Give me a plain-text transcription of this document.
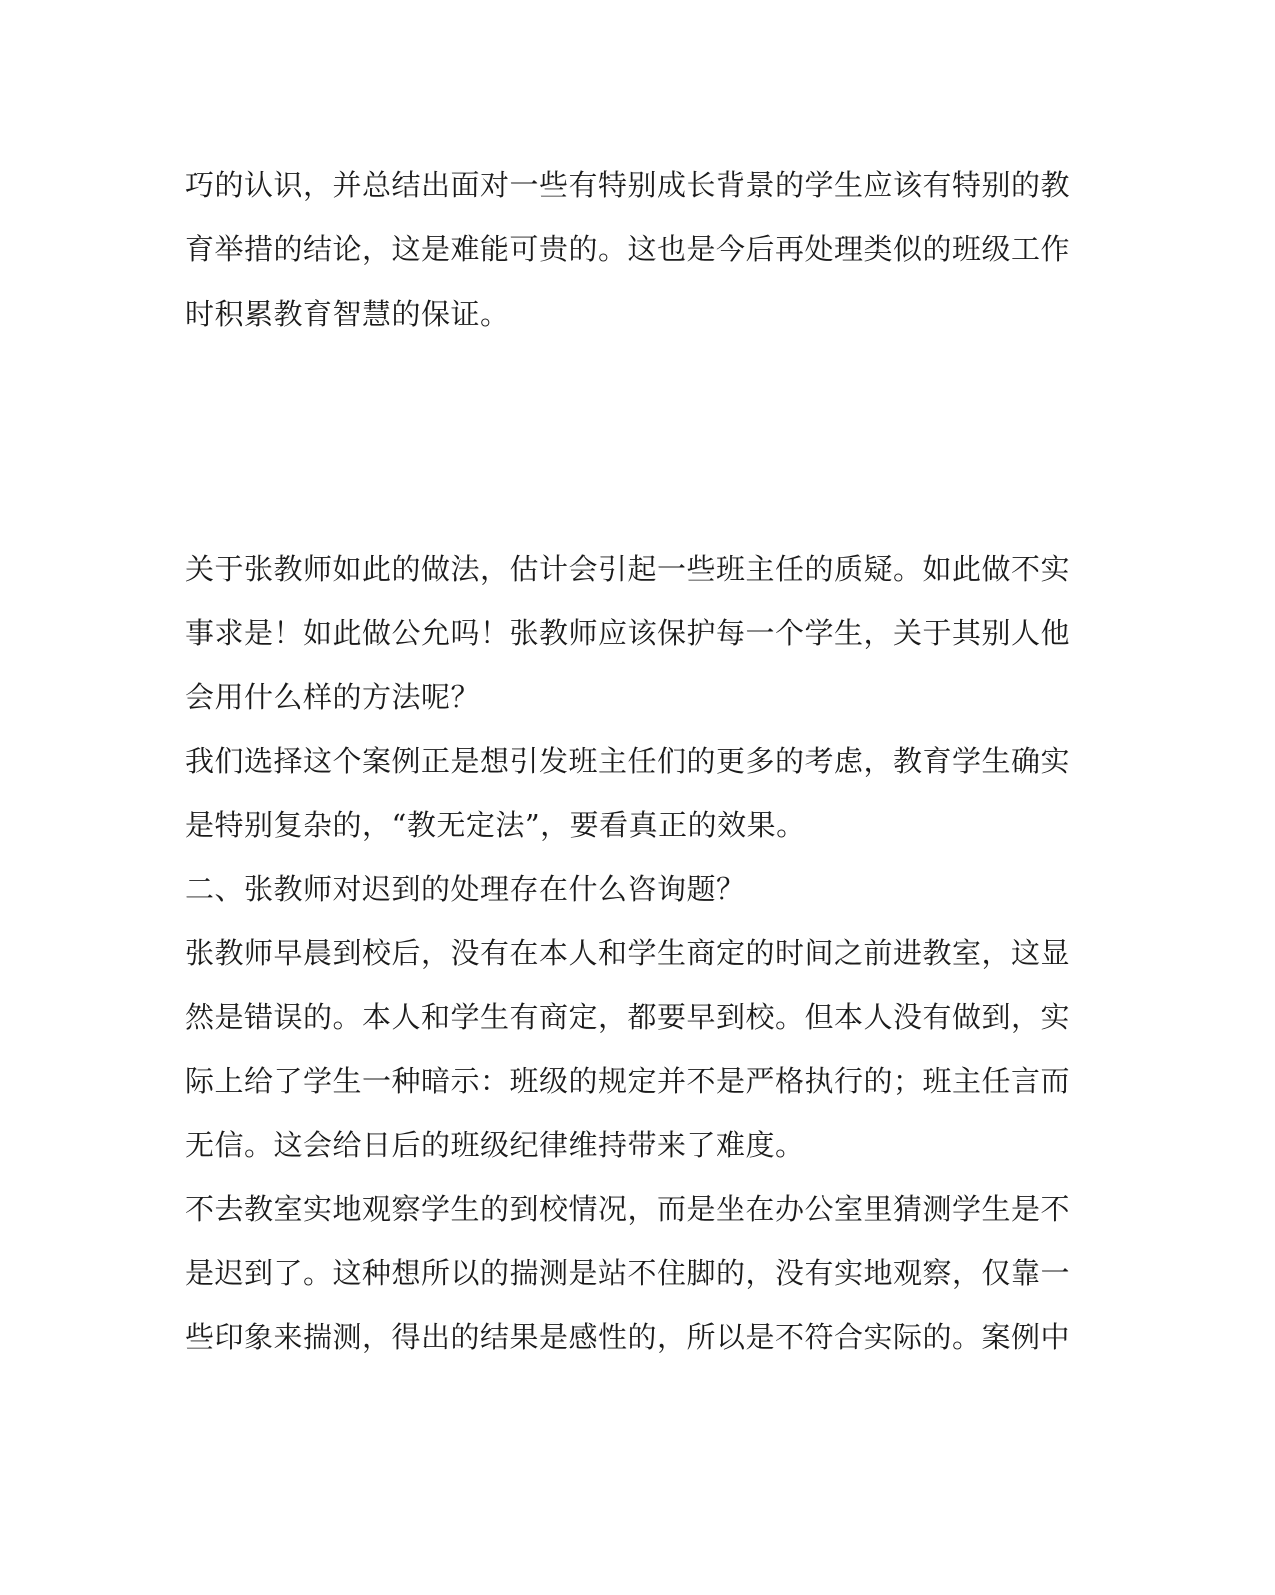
巧的认识，并总结出面对一些有特别成长背景的学生应该有特别的教
育举措的结论，这是难能可贵的。这也是今后再处理类似的班级工作
时积累教育智慧的保证。
关于张教师如此的做法，估计会引起一些班主任的质疑。如此做不实
事求是！如此做公允吗！张教师应该保护每一个学生，关于其别人他
会用什么样的方法呢？
我们选择这个案例正是想引发班主任们的更多的考虑，教育学生确实
是特别复杂的，“教无定法”，要看真正的效果。
二、张教师对迟到的处理存在什么咨询题？
张教师早晨到校后，没有在本人和学生商定的时间之前进教室，这显
然是错误的。本人和学生有商定，都要早到校。但本人没有做到，实
际上给了学生一种暗示：班级的规定并不是严格执行的；班主任言而
无信。这会给日后的班级纪律维持带来了难度。
不去教室实地观察学生的到校情况，而是坐在办公室里猜测学生是不
是迟到了。这种想所以的揣测是站不住脚的，没有实地观察，仅靠一
些印象来揣测，得出的结果是感性的，所以是不符合实际的。案例中
